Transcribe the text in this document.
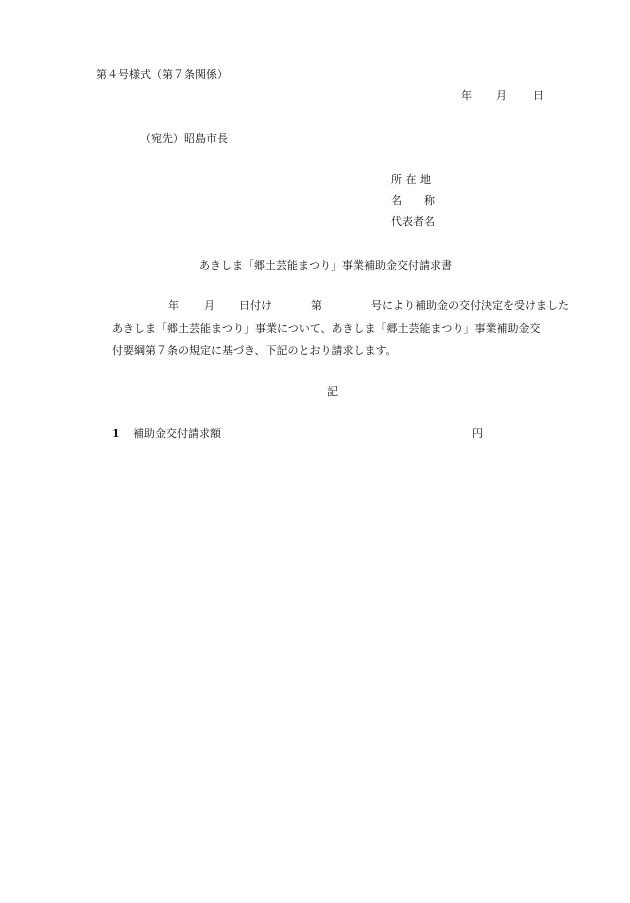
第４号様式（第７条関係）
年 月 日
（宛先）昭島市長
所 在 地
名　　称
代表者名
あきしま「郷土芸能まつり」事業補助金交付請求書
年 月 日付け	第	号により補助金の交付決定を受けました
あきしま「郷土芸能まつり」事業について、あきしま「郷土芸能まつり」事業補助金交
付要綱第７条の規定に基づき、下記のとおり請求します。
記
1 補助金交付請求額	円
